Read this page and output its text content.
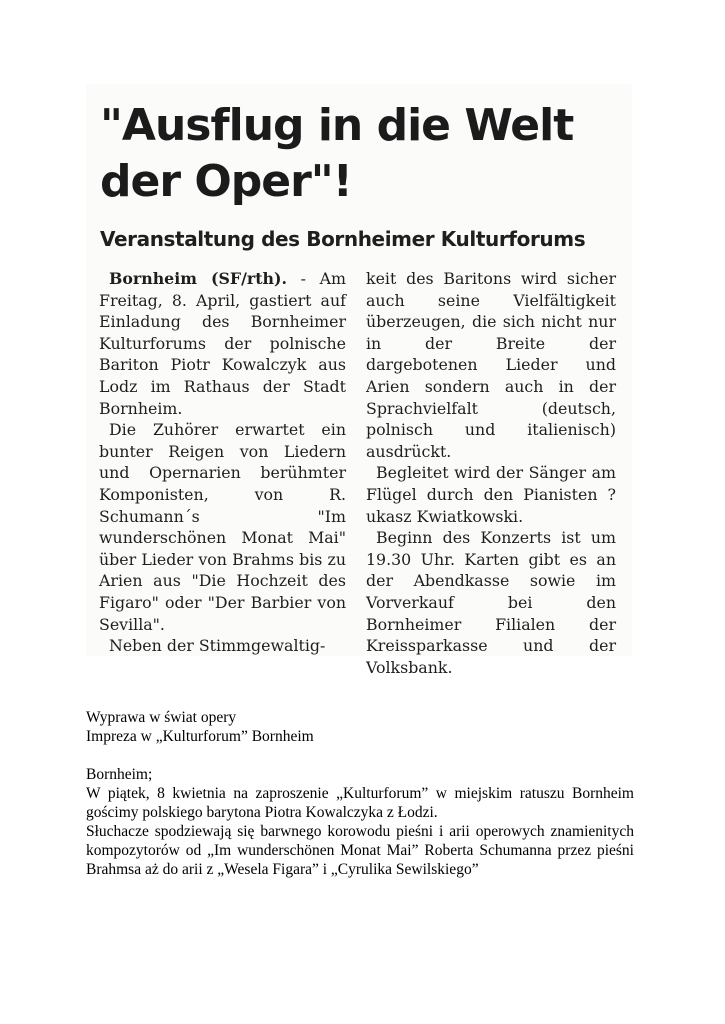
"Ausflug in die Welt
der Oper"!
Veranstaltung des Bornheimer Kulturforums

Bornheim (SF/rth). - Am Freitag, 8. April, gastiert auf Einladung des Bornheimer Kulturforums der polnische Bariton Piotr Kowalczyk aus Lodz im Rathaus der Stadt Bornheim.

Die Zuhörer erwartet ein bunter Reigen von Liedern und Opernarien berühmter Komponisten, von R. Schumann´s "Im wunderschönen Monat Mai" über Lieder von Brahms bis zu Arien aus "Die Hochzeit des Figaro" oder "Der Barbier von Sevilla".

Neben der Stimmgewaltig-

keit des Baritons wird sicher auch seine Vielfältigkeit überzeugen, die sich nicht nur in der Breite der dargebotenen Lieder und Arien sondern auch in der Sprachvielfalt (deutsch, polnisch und italienisch) ausdrückt.

Begleitet wird der Sänger am Flügel durch den Pianisten ?ukasz Kwiatkowski.

Beginn des Konzerts ist um 19.30 Uhr. Karten gibt es an der Abendkasse sowie im Vorverkauf bei den Bornheimer Filialen der Kreissparkasse und der Volksbank.

Wyprawa w świat opery

Impreza w „Kulturforum” Bornheim

Bornheim;

W piątek, 8 kwietnia na zaproszenie „Kulturforum” w miejskim ratuszu Bornheim gościmy polskiego barytona Piotra Kowalczyka z Łodzi.

Słuchacze spodziewają się barwnego korowodu pieśni i arii operowych znamienitych kompozytorów od „Im wunderschönen Monat Mai” Roberta Schumanna przez pieśni Brahmsa aż do arii z „Wesela Figara” i „Cyrulika Sewilskiego”
